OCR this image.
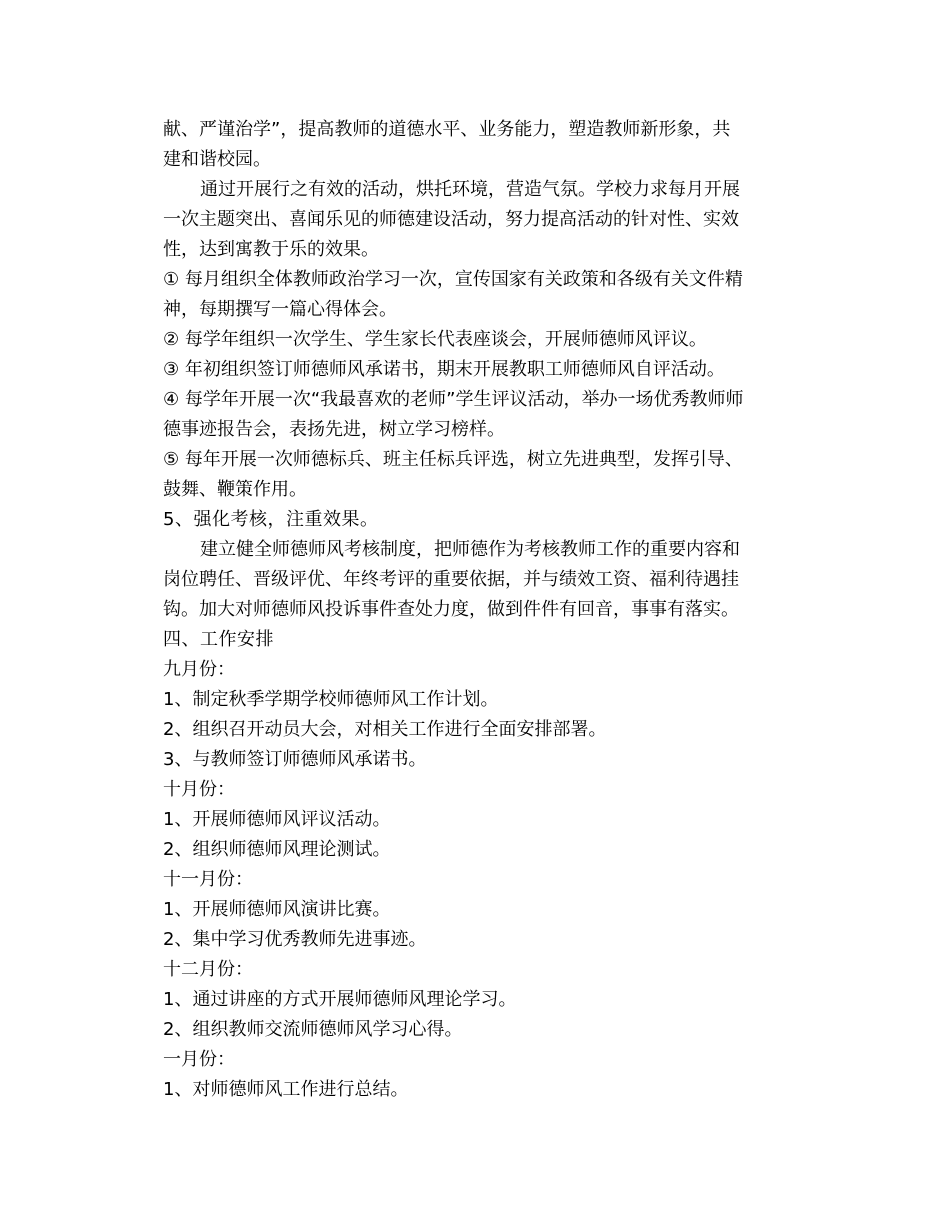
献、严谨治学”，提高教师的道德水平、业务能力，塑造教师新形象，共
建和谐校园。
通过开展行之有效的活动，烘托环境，营造气氛。学校力求每月开展
一次主题突出、喜闻乐见的师德建设活动，努力提高活动的针对性、实效
性，达到寓教于乐的效果。
① 每月组织全体教师政治学习一次，宣传国家有关政策和各级有关文件精
神，每期撰写一篇心得体会。
② 每学年组织一次学生、学生家长代表座谈会，开展师德师风评议。
③ 年初组织签订师德师风承诺书，期末开展教职工师德师风自评活动。
④ 每学年开展一次“我最喜欢的老师”学生评议活动，举办一场优秀教师师
德事迹报告会，表扬先进，树立学习榜样。
⑤ 每年开展一次师德标兵、班主任标兵评选，树立先进典型，发挥引导、
鼓舞、鞭策作用。
5、强化考核，注重效果。
建立健全师德师风考核制度，把师德作为考核教师工作的重要内容和
岗位聘任、晋级评优、年终考评的重要依据，并与绩效工资、福利待遇挂
钩。加大对师德师风投诉事件查处力度，做到件件有回音，事事有落实。
四、工作安排
九月份：
1、制定秋季学期学校师德师风工作计划。
2、组织召开动员大会，对相关工作进行全面安排部署。
3、与教师签订师德师风承诺书。
十月份：
1、开展师德师风评议活动。
2、组织师德师风理论测试。
十一月份：
1、开展师德师风演讲比赛。
2、集中学习优秀教师先进事迹。
十二月份：
1、通过讲座的方式开展师德师风理论学习。
2、组织教师交流师德师风学习心得。
一月份：
1、对师德师风工作进行总结。
